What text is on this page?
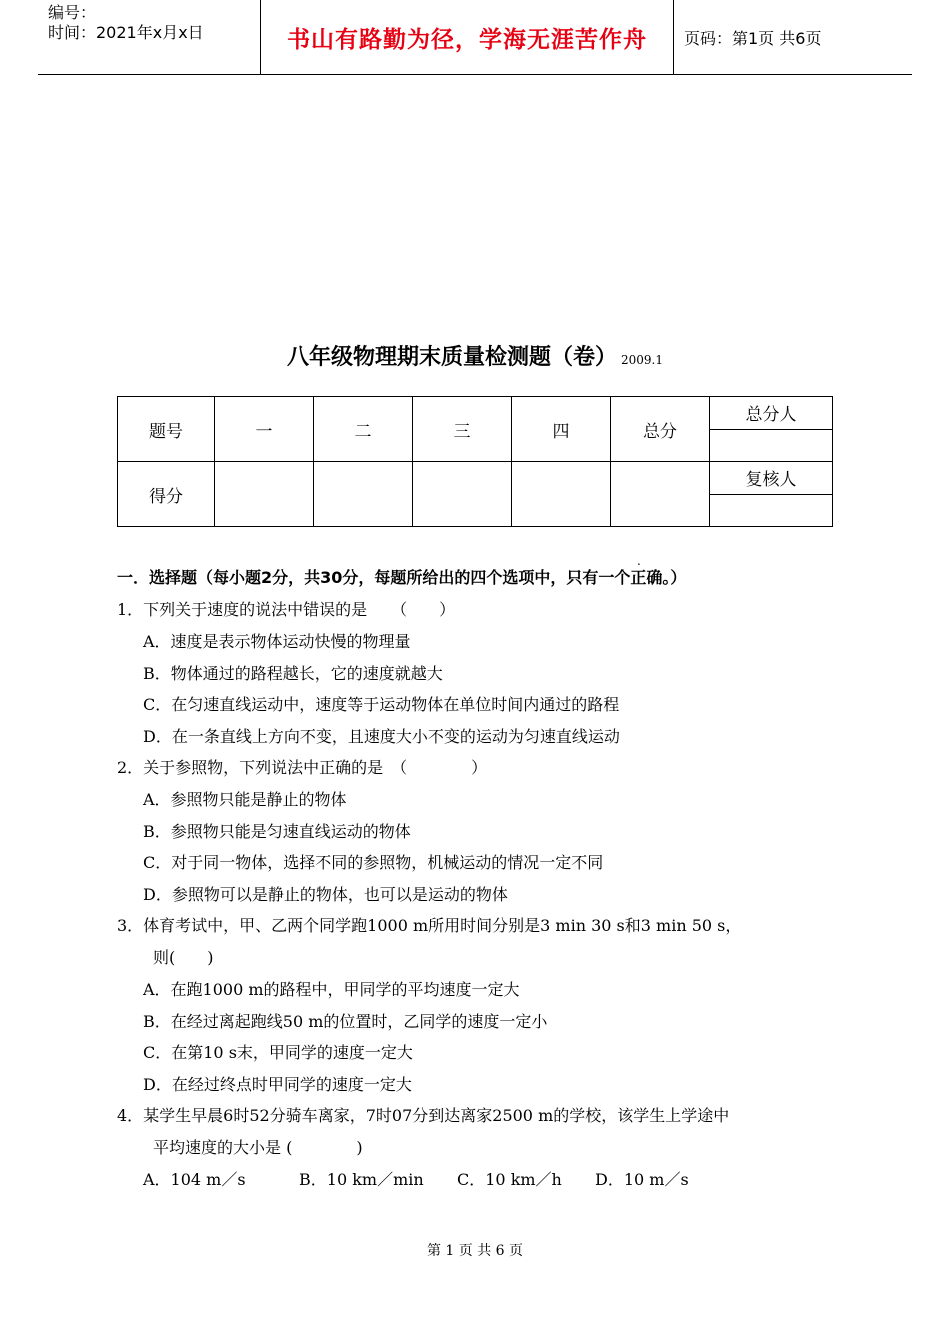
编号：
时间：2021年x月x日	书山有路勤为径，学海无涯苦作舟	页码：第1页 共6页
八年级物理期末质量检测题（卷） 2009.1
题号	一	二	三	四	总分	总分人

得分						复核人
.
一．选择题（每小题2分，共30分，每题所给出的四个选项中，只有一个正确。）
1．下列关于速度的说法中错误的是　　（　　）
A．速度是表示物体运动快慢的物理量
B．物体通过的路程越长，它的速度就越大
C．在匀速直线运动中，速度等于运动物体在单位时间内通过的路程
D．在一条直线上方向不变，且速度大小不变的运动为匀速直线运动
2．关于参照物，下列说法中正确的是　（　　　　）
A．参照物只能是静止的物体
B．参照物只能是匀速直线运动的物体
C．对于同一物体，选择不同的参照物，机械运动的情况一定不同
D．参照物可以是静止的物体，也可以是运动的物体
3．体育考试中，甲、乙两个同学跑1000 m所用时间分别是3 min 30 s和3 min 50 s，
则(　　)
A．在跑1000 m的路程中，甲同学的平均速度一定大
B．在经过离起跑线50 m的位置时，乙同学的速度一定小
C．在第10 s末，甲同学的速度一定大
D．在经过终点时甲同学的速度一定大
4．某学生早晨6时52分骑车离家，7时07分到达离家2500 m的学校，该学生上学途中
平均速度的大小是 (　　　　)
A．104 m／s	B．10 km／min C．10 km／h D．10 m／s
第 1 页 共 6 页
